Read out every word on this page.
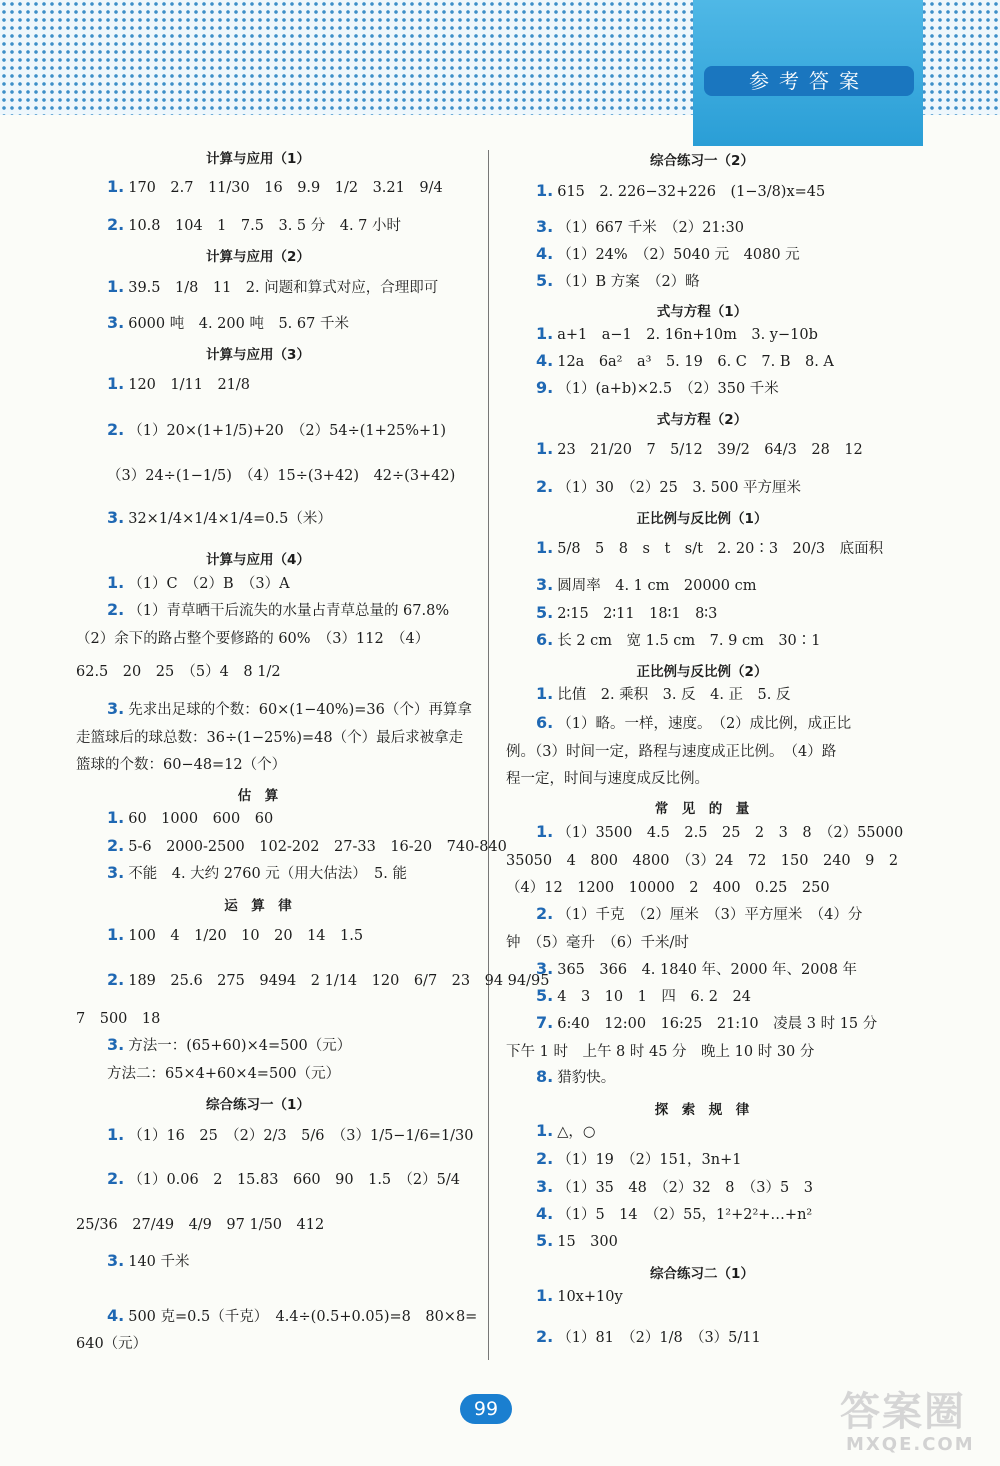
参考答案
计算与应用（1）
1. 170　2.7　11/30　16　9.9　1/2　3.21　9/4
2. 10.8　104　1　7.5　3. 5 分　4. 7 小时
计算与应用（2）
1. 39.5　1/8　11　2. 问题和算式对应，合理即可
3. 6000 吨　4. 200 吨　5. 67 千米
计算与应用（3）
1. 120　1/11　21/8
2. （1）20×(1+1/5)+20　（2）54÷(1+25%+1)
（3）24÷(1−1/5)　（4）15÷(3+42)　42÷(3+42)
3. 32×1/4×1/4×1/4=0.5（米）
计算与应用（4）
1. （1）C　（2）B　（3）A
2. （1）青草晒干后流失的水量占青草总量的 67.8%
（2）余下的路占整个要修路的 60%　（3）112　（4）
62.5　20　25　（5）4　8 1/2
3. 先求出足球的个数：60×(1−40%)=36（个）再算拿
走篮球后的球总数：36÷(1−25%)=48（个）最后求被拿走
篮球的个数：60−48=12（个）
估　算
1. 60　1000　600　60
2. 5-6　2000-2500　102-202　27-33　16-20　740-840
3. 不能　4. 大约 2760 元（用大估法）　5. 能
运　算　律
1. 100　4　1/20　10　20　14　1.5
2. 189　25.6　275　9494　2 1/14　120　6/7　23　94 94/95
7　500　18
3. 方法一：(65+60)×4=500（元）
方法二：65×4+60×4=500（元）
综合练习一（1）
1. （1）16　25　（2）2/3　5/6　（3）1/5−1/6=1/30
2. （1）0.06　2　15.83　660　90　1.5　（2）5/4
25/36　27/49　4/9　97 1/50　412
3. 140 千米
4. 500 克=0.5（千克）　4.4÷(0.5+0.05)=8　80×8=
640（元）
综合练习一（2）
1. 615　2. 226−32+226　(1−3/8)x=45
3. （1）667 千米　（2）21:30
4. （1）24%　（2）5040 元　4080 元
5. （1）B 方案　（2）略
式与方程（1）
1. a+1　a−1　2. 16n+10m　3. y−10b
4. 12a　6a²　a³　5. 19　6. C　7. B　8. A
9. （1）(a+b)×2.5　（2）350 千米
式与方程（2）
1. 23　21/20　7　5/12　39/2　64/3　28　12
2. （1）30　（2）25　3. 500 平方厘米
正比例与反比例（1）
1. 5/8　5　8　s　t　s/t　2. 20∶3　20/3　底面积
3. 圆周率　4. 1 cm　20000 cm
5. 2∶15　2∶11　18∶1　8∶3
6. 长 2 cm　宽 1.5 cm　7. 9 cm　30∶1
正比例与反比例（2）
1. 比值　2. 乘积　3. 反　4. 正　5. 反
6. （1）略。一样，速度。　（2）成比例，成正比
例。（3）时间一定，路程与速度成正比例。　（4）路
程一定，时间与速度成反比例。
常　见　的　量
1. （1）3500　4.5　2.5　25　2　3　8　（2）55000
35050　4　800　4800　（3）24　72　150　240　9　2
（4）12　1200　10000　2　400　0.25　250
2. （1）千克　（2）厘米　（3）平方厘米　（4）分
钟　（5）毫升　（6）千米/时
3. 365　366　4. 1840 年、2000 年、2008 年
5. 4　3　10　1　四　6. 2　24
7. 6:40　12:00　16:25　21:10　凌晨 3 时 15 分
下午 1 时　上午 8 时 45 分　晚上 10 时 30 分
8. 猎豹快。
探　索　规　律
1. △，○
2. （1）19　（2）151，3n+1
3. （1）35　48　（2）32　8　（3）5　3
4. （1）5　14　（2）55，1²+2²+…+n²
5. 15　300
综合练习二（1）
1. 10x+10y
2. （1）81　（2）1/8　（3）5/11
99	答案圈
MXQE.COM
